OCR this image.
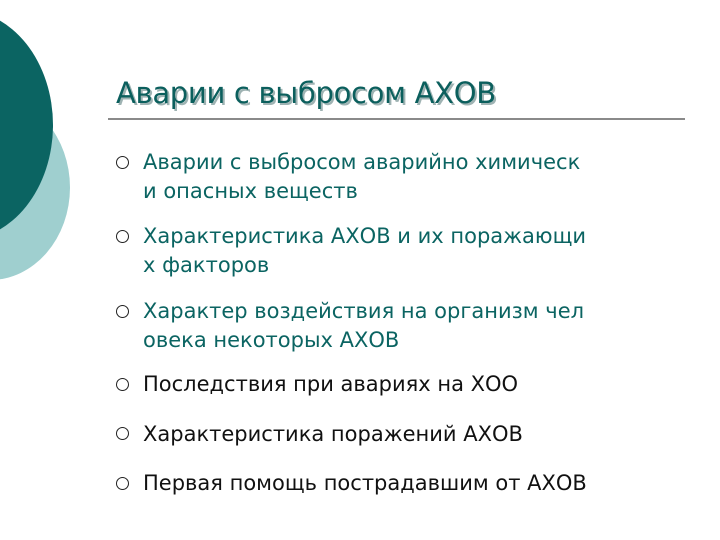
Аварии с выбросом АХОВ
Аварии с выбросом аварийно химическ
и опасных веществ
Характеристика АХОВ и их поражающи
х факторов
Характер воздействия на организм чел
овека некоторых АХОВ
Последствия при авариях на ХОО
Характеристика поражений АХОВ
Первая помощь пострадавшим от АХОВ
